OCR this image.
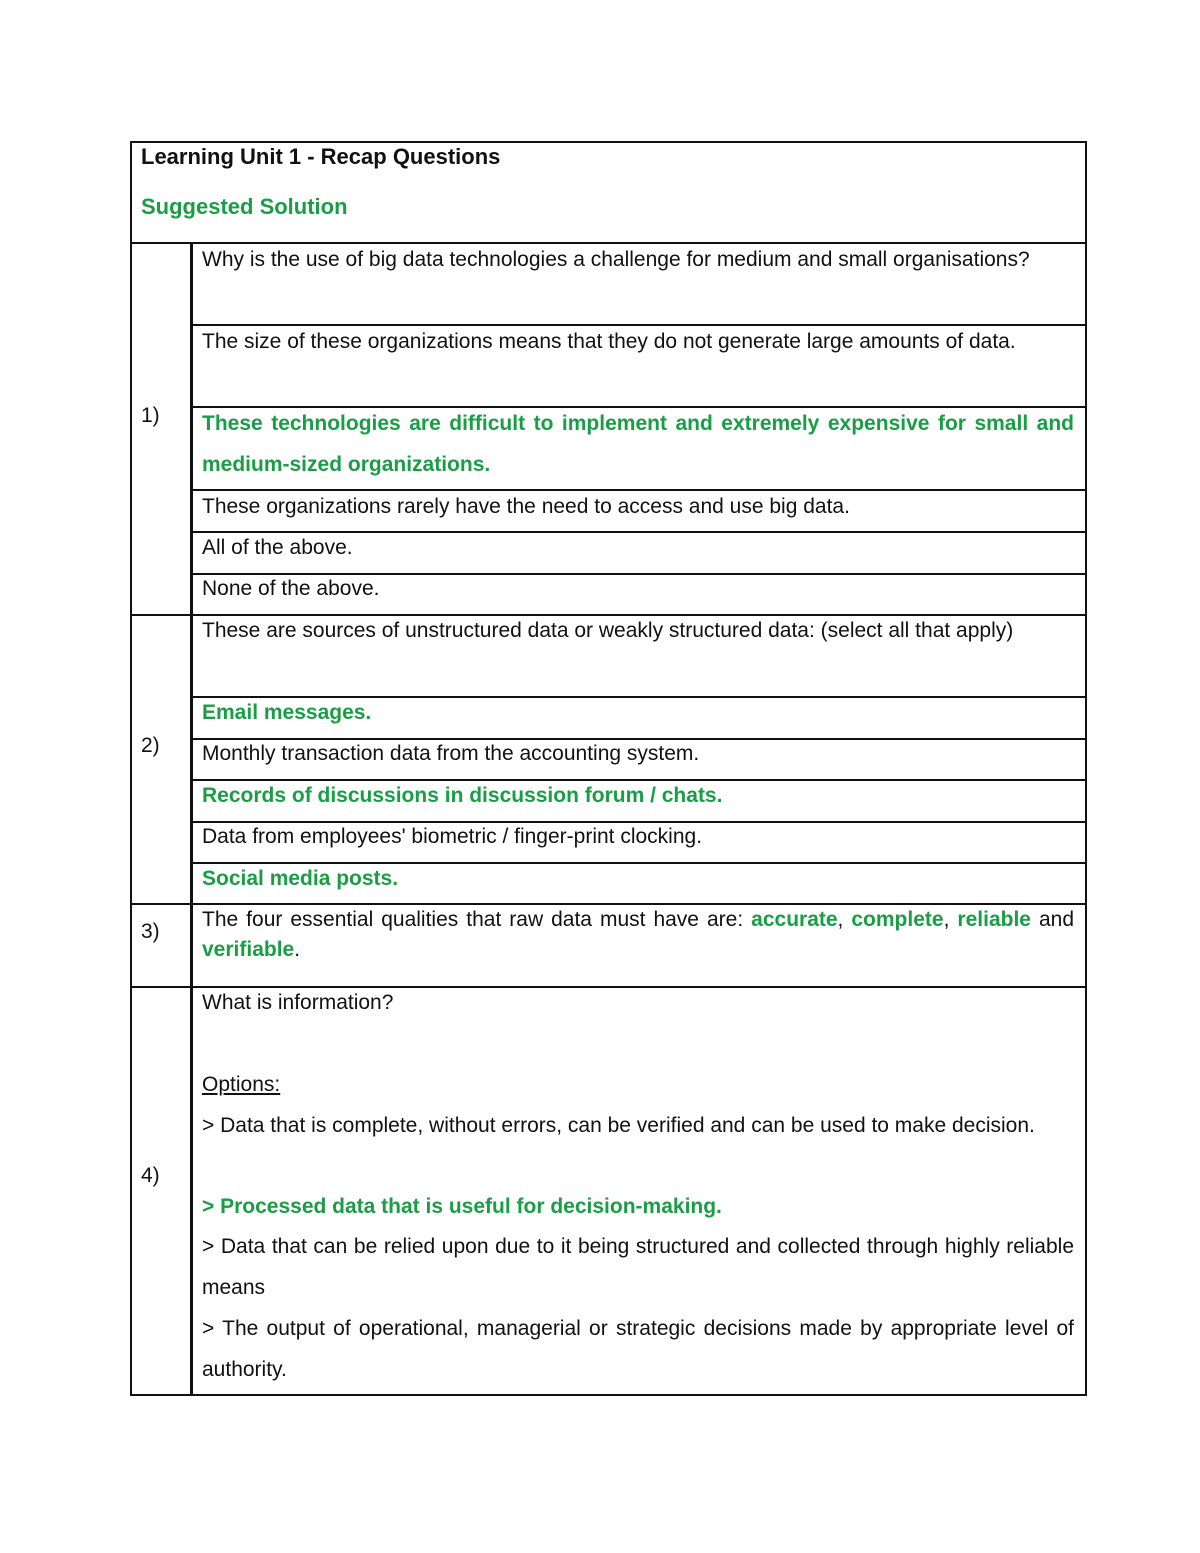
Learning Unit 1 - Recap Questions
Suggested Solution
1)
Why is the use of big data technologies a challenge for medium and small organisations?
The size of these organizations means that they do not generate large amounts of data.
These technologies are difficult to implement and extremely expensive for small and medium-sized organizations.
These organizations rarely have the need to access and use big data.
All of the above.
None of the above.
2)
These are sources of unstructured data or weakly structured data: (select all that apply)
Email messages.
Monthly transaction data from the accounting system.
Records of discussions in discussion forum / chats.
Data from employees' biometric / finger-print clocking.
Social media posts.
3)
The four essential qualities that raw data must have are: accurate, complete, reliable and verifiable.
4)
What is information?
Options:
> Data that is complete, without errors, can be verified and can be used to make decision.
> Processed data that is useful for decision-making.
> Data that can be relied upon due to it being structured and collected through highly reliable means
> The output of operational, managerial or strategic decisions made by appropriate level of authority.
